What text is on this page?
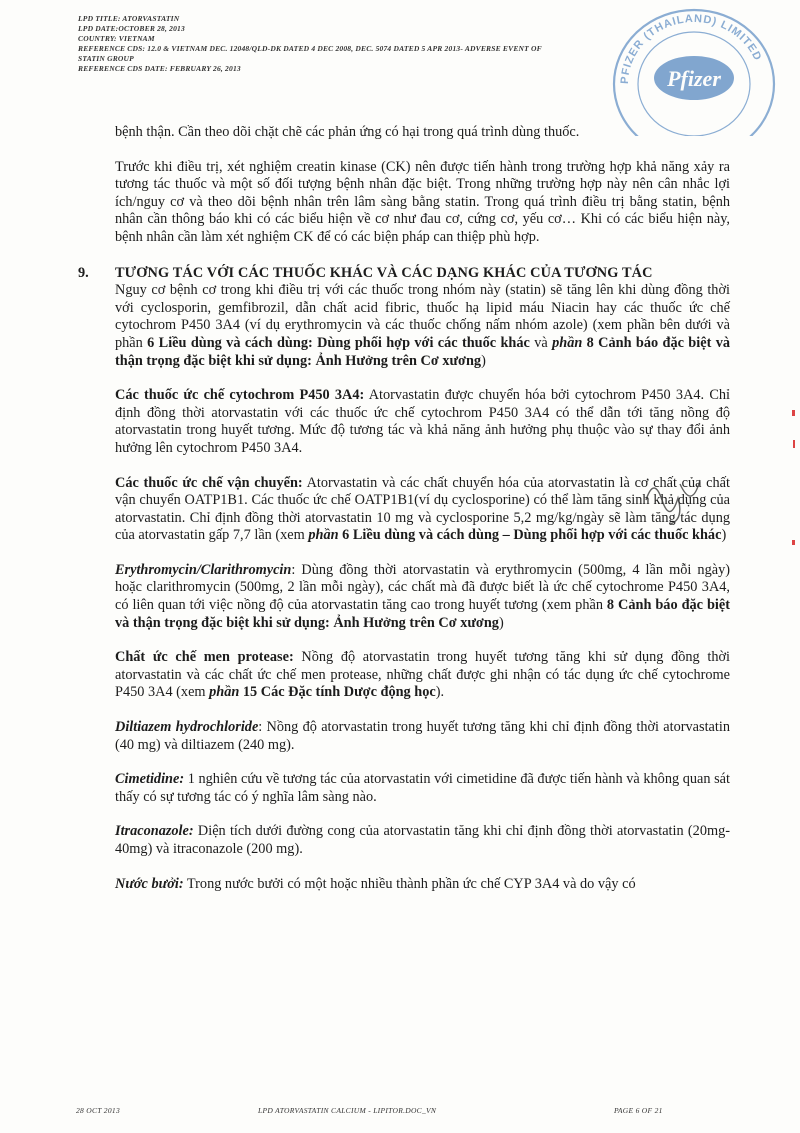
LPD TITLE: ATORVASTATIN
LPD DATE:OCTOBER 28, 2013
COUNTRY: VIETNAM
REFERENCE CDS: 12.0 & VIETNAM DEC. 12048/QLD-DK DATED 4 DEC 2008, DEC. 5074 DATED 5 APR 2013- ADVERSE EVENT OF
STATIN GROUP
REFERENCE CDS DATE: FEBRUARY 26, 2013
PFIZER (THAILAND) LIMITED
Pfizer

bệnh thận. Cần theo dõi chặt chẽ các phản ứng có hại trong quá trình dùng thuốc.

Trước khi điều trị, xét nghiệm creatin kinase (CK) nên được tiến hành trong trường hợp khả năng xảy ra tương tác thuốc và một số đối tượng bệnh nhân đặc biệt. Trong những trường hợp này nên cân nhắc lợi ích/nguy cơ và theo dõi bệnh nhân trên lâm sàng bằng statin. Trong quá trình điều trị bằng statin, bệnh nhân cần thông báo khi có các biểu hiện về cơ như đau cơ, cứng cơ, yếu cơ… Khi có các biểu hiện này, bệnh nhân cần làm xét nghiệm CK để có các biện pháp can thiệp phù hợp.

9. TƯƠNG TÁC VỚI CÁC THUỐC KHÁC VÀ CÁC DẠNG KHÁC CỦA TƯƠNG TÁC

Nguy cơ bệnh cơ trong khi điều trị với các thuốc trong nhóm này (statin) sẽ tăng lên khi dùng đồng thời với cyclosporin, gemfibrozil, dẫn chất acid fibric, thuốc hạ lipid máu Niacin hay các thuốc ức chế cytochrom P450 3A4 (ví dụ erythromycin và các thuốc chống nấm nhóm azole) (xem phần bên dưới và phần 6 Liều dùng và cách dùng: Dùng phối hợp với các thuốc khác và phần 8 Cảnh báo đặc biệt và thận trọng đặc biệt khi sử dụng: Ảnh Hưởng trên Cơ xương)

Các thuốc ức chế cytochrom P450 3A4: Atorvastatin được chuyển hóa bởi cytochrom P450 3A4. Chỉ định đồng thời atorvastatin với các thuốc ức chế cytochrom P450 3A4 có thể dẫn tới tăng nồng độ atorvastatin trong huyết tương. Mức độ tương tác và khả năng ảnh hưởng phụ thuộc vào sự thay đổi ảnh hưởng lên cytochrom P450 3A4.

Các thuốc ức chế vận chuyển: Atorvastatin và các chất chuyển hóa của atorvastatin là cơ chất của chất vận chuyển OATP1B1. Các thuốc ức chế OATP1B1(ví dụ cyclosporine) có thể làm tăng sinh khả dụng của atorvastatin. Chỉ định đồng thời atorvastatin 10 mg và cyclosporine 5,2 mg/kg/ngày sẽ làm tăng tác dụng của atorvastatin gấp 7,7 lần (xem phần 6 Liều dùng và cách dùng – Dùng phối hợp với các thuốc khác)

Erythromycin/Clarithromycin: Dùng đồng thời atorvastatin và erythromycin (500mg, 4 lần mỗi ngày) hoặc clarithromycin (500mg, 2 lần mỗi ngày), các chất mà đã được biết là ức chế cytochrome P450 3A4, có liên quan tới việc nồng độ của atorvastatin tăng cao trong huyết tương (xem phần 8 Cảnh báo đặc biệt và thận trọng đặc biệt khi sử dụng: Ảnh Hưởng trên Cơ xương)

Chất ức chế men protease: Nồng độ atorvastatin trong huyết tương tăng khi sử dụng đồng thời atorvastatin và các chất ức chế men protease, những chất được ghi nhận có tác dụng ức chế cytochrome P450 3A4 (xem phần 15 Các Đặc tính Dược động học).

Diltiazem hydrochloride: Nồng độ atorvastatin trong huyết tương tăng khi chỉ định đồng thời atorvastatin (40 mg) và diltiazem (240 mg).

Cimetidine: 1 nghiên cứu về tương tác của atorvastatin với cimetidine đã được tiến hành và không quan sát thấy có sự tương tác có ý nghĩa lâm sàng nào.

Itraconazole: Diện tích dưới đường cong của atorvastatin tăng khi chỉ định đồng thời atorvastatin (20mg-40mg) và itraconazole (200 mg).

Nước bưởi: Trong nước bưởi có một hoặc nhiều thành phần ức chế CYP 3A4 và do vậy có

28 OCT 2013	LPD ATORVASTATIN CALCIUM - LIPITOR.DOC_VN	PAGE 6 OF 21
